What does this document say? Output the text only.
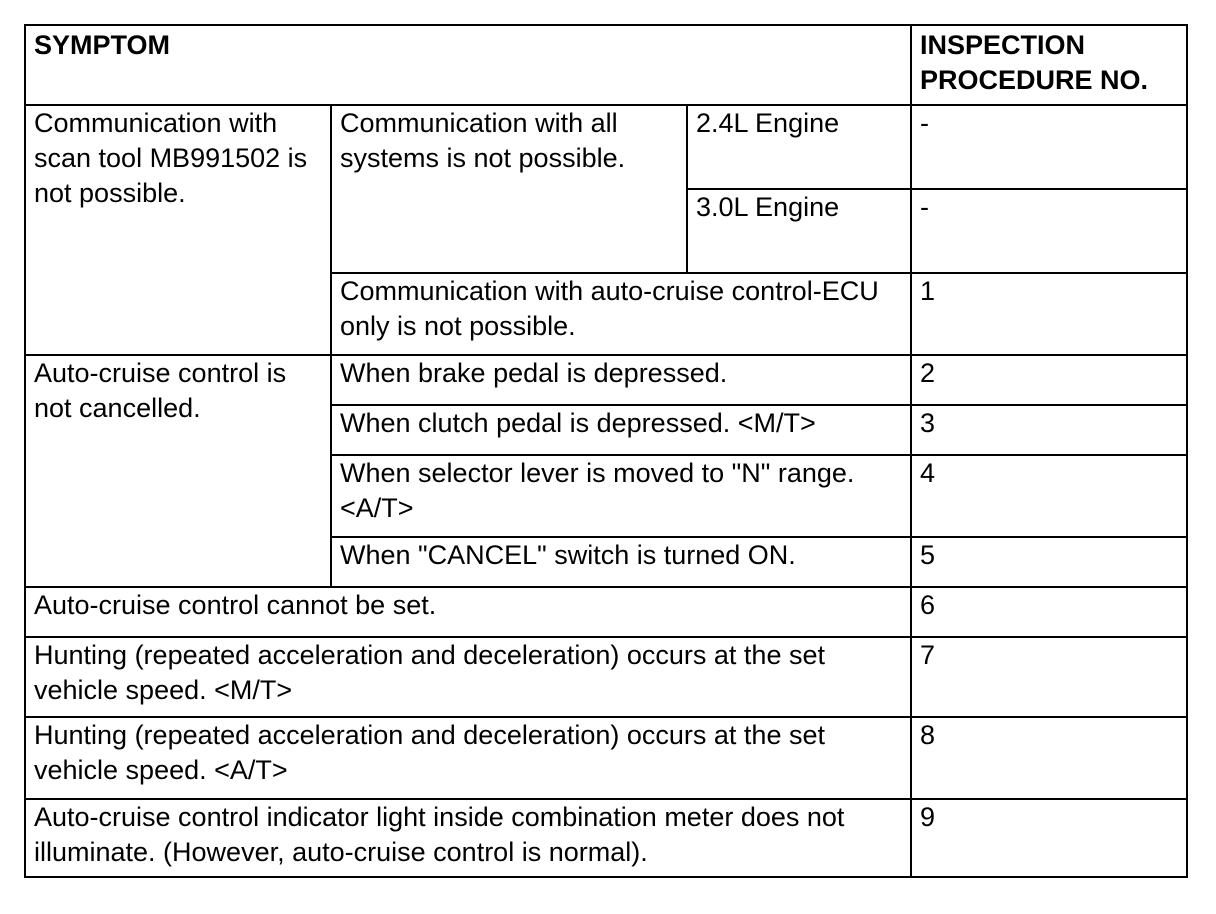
SYMPTOM			INSPECTION PROCEDURE NO.
Communication with scan tool MB991502 is not possible.	Communication with all systems is not possible.	2.4L Engine	-
		3.0L Engine	-
	Communication with auto-cruise control-ECU only is not possible.		1
Auto-cruise control is not cancelled.	When brake pedal is depressed.		2
	When clutch pedal is depressed. <M/T>		3
	When selector lever is moved to "N" range. <A/T>		4
	When "CANCEL" switch is turned ON.		5
Auto-cruise control cannot be set.			6
Hunting (repeated acceleration and deceleration) occurs at the set vehicle speed. <M/T>			7
Hunting (repeated acceleration and deceleration) occurs at the set vehicle speed. <A/T>			8
Auto-cruise control indicator light inside combination meter does not illuminate. (However, auto-cruise control is normal).			9
